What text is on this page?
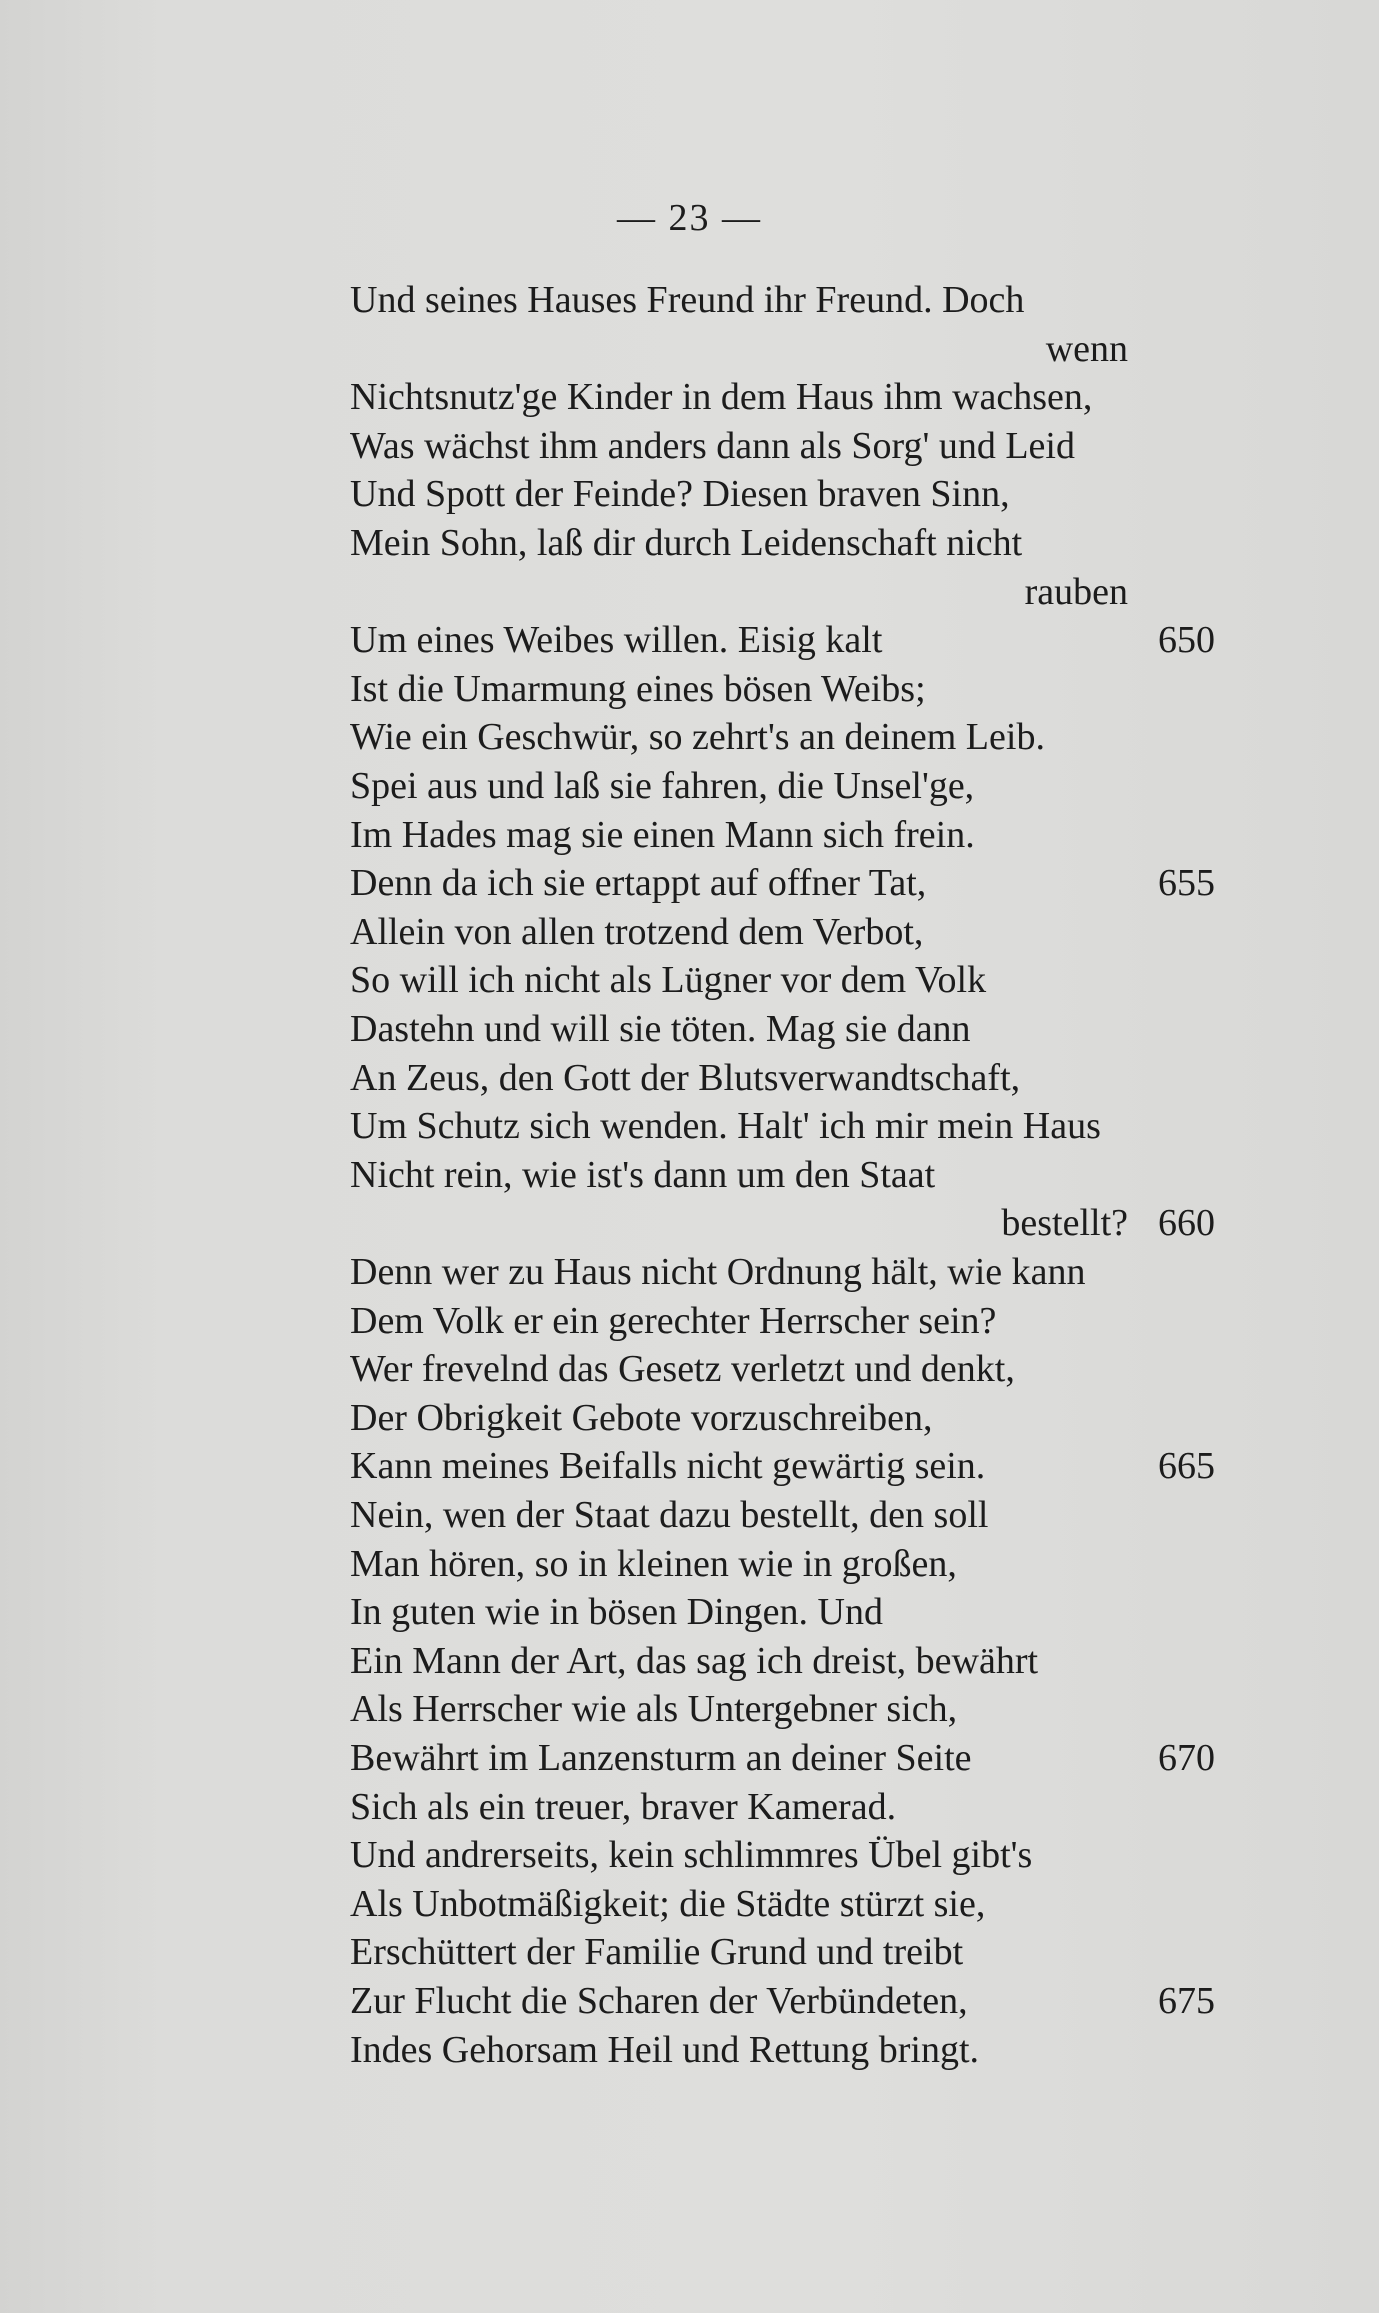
— 23 —
Und seines Hauses Freund ihr Freund. Doch
wenn
Nichtsnutz'ge Kinder in dem Haus ihm wachsen,
Was wächst ihm anders dann als Sorg' und Leid
Und Spott der Feinde? Diesen braven Sinn,
Mein Sohn, laß dir durch Leidenschaft nicht
rauben
Um eines Weibes willen. Eisig kalt	650
Ist die Umarmung eines bösen Weibs;
Wie ein Geschwür, so zehrt's an deinem Leib.
Spei aus und laß sie fahren, die Unsel'ge,
Im Hades mag sie einen Mann sich frein.
Denn da ich sie ertappt auf offner Tat,	655
Allein von allen trotzend dem Verbot,
So will ich nicht als Lügner vor dem Volk
Dastehn und will sie töten. Mag sie dann
An Zeus, den Gott der Blutsverwandtschaft,
Um Schutz sich wenden. Halt' ich mir mein Haus
Nicht rein, wie ist's dann um den Staat
bestellt? 660
Denn wer zu Haus nicht Ordnung hält, wie kann
Dem Volk er ein gerechter Herrscher sein?
Wer frevelnd das Gesetz verletzt und denkt,
Der Obrigkeit Gebote vorzuschreiben,
Kann meines Beifalls nicht gewärtig sein.	665
Nein, wen der Staat dazu bestellt, den soll
Man hören, so in kleinen wie in großen,
In guten wie in bösen Dingen. Und
Ein Mann der Art, das sag ich dreist, bewährt
Als Herrscher wie als Untergebner sich,
Bewährt im Lanzensturm an deiner Seite	670
Sich als ein treuer, braver Kamerad.
Und andrerseits, kein schlimmres Übel gibt's
Als Unbotmäßigkeit; die Städte stürzt sie,
Erschüttert der Familie Grund und treibt
Zur Flucht die Scharen der Verbündeten,	675
Indes Gehorsam Heil und Rettung bringt.
